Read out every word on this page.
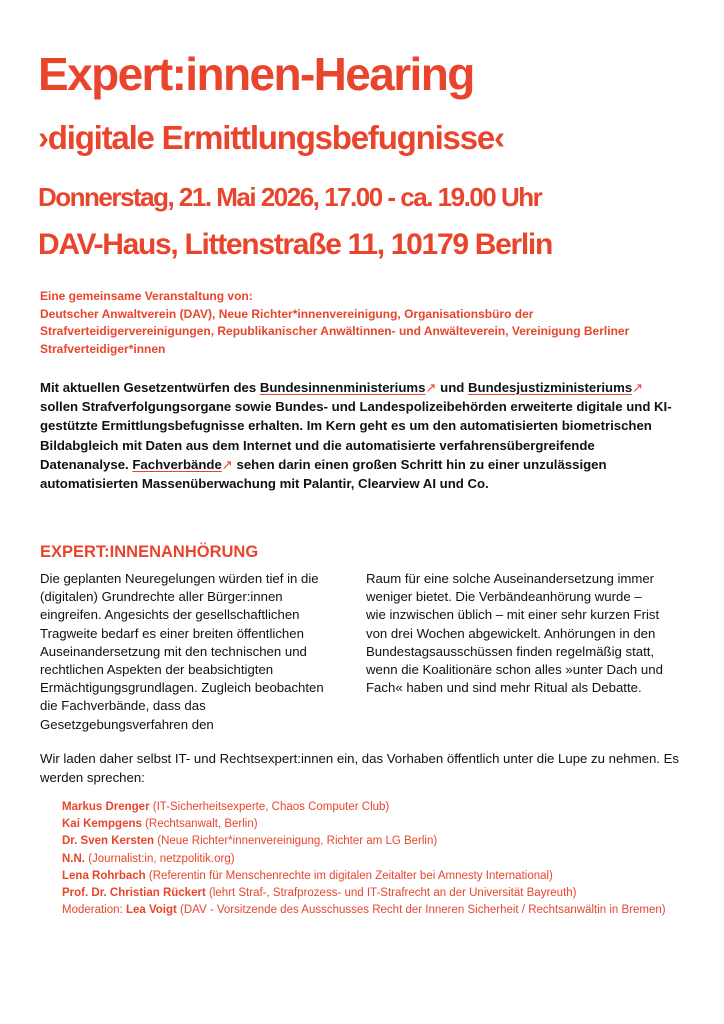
Expert:innen-Hearing
›digitale Ermittlungsbefugnisse‹
Donnerstag, 21. Mai 2026, 17.00 - ca. 19.00 Uhr
DAV-Haus, Littenstraße 11, 10179 Berlin
Eine gemeinsame Veranstaltung von:
Deutscher Anwaltverein (DAV), Neue Richter*innenvereinigung, Organisationsbüro der Strafverteidigervereinigungen, Republikanischer Anwältinnen- und Anwälteverein, Vereinigung Berliner Strafverteidiger*innen
Mit aktuellen Gesetzentwürfen des Bundesinnenministeriums↗ und Bundesjustizministeriums↗ sollen Strafverfolgungsorgane sowie Bundes- und Landespolizeibehörden erweiterte digitale und KI-gestützte Ermittlungsbefugnisse erhalten. Im Kern geht es um den automatisierten biometrischen Bildabgleich mit Daten aus dem Internet und die automatisierte verfahrensübergreifende Datenanalyse. Fachverbände↗ sehen darin einen großen Schritt hin zu einer unzulässigen automatisierten Massenüberwachung mit Palantir, Clearview AI und Co.
EXPERT:INNENANHÖRUNG
Die geplanten Neuregelungen würden tief in die (digitalen) Grundrechte aller Bürger:innen eingreifen. Angesichts der gesellschaftlichen Tragweite bedarf es einer breiten öffentlichen Auseinandersetzung mit den technischen und rechtlichen Aspekten der beabsichtigten Ermächtigungsgrundlagen. Zugleich beobachten die Fachverbände, dass das Gesetzgebungsverfahren den
Raum für eine solche Auseinandersetzung immer weniger bietet. Die Verbändeanhörung wurde – wie inzwischen üblich – mit einer sehr kurzen Frist von drei Wochen abgewickelt. Anhörungen in den Bundestagsausschüssen finden regelmäßig statt, wenn die Koalitionäre schon alles »unter Dach und Fach« haben und sind mehr Ritual als Debatte.
Wir laden daher selbst IT- und Rechtsexpert:innen ein, das Vorhaben öffentlich unter die Lupe zu nehmen. Es werden sprechen:
Markus Drenger (IT-Sicherheitsexperte, Chaos Computer Club)
Kai Kempgens (Rechtsanwalt, Berlin)
Dr. Sven Kersten (Neue Richter*innenvereinigung, Richter am LG Berlin)
N.N. (Journalist:in, netzpolitik.org)
Lena Rohrbach (Referentin für Menschenrechte im digitalen Zeitalter bei Amnesty International)
Prof. Dr. Christian Rückert (lehrt Straf-, Strafprozess- und IT-Strafrecht an der Universität Bayreuth)
Moderation: Lea Voigt (DAV - Vorsitzende des Ausschusses Recht der Inneren Sicherheit / Rechtsanwältin in Bremen)
